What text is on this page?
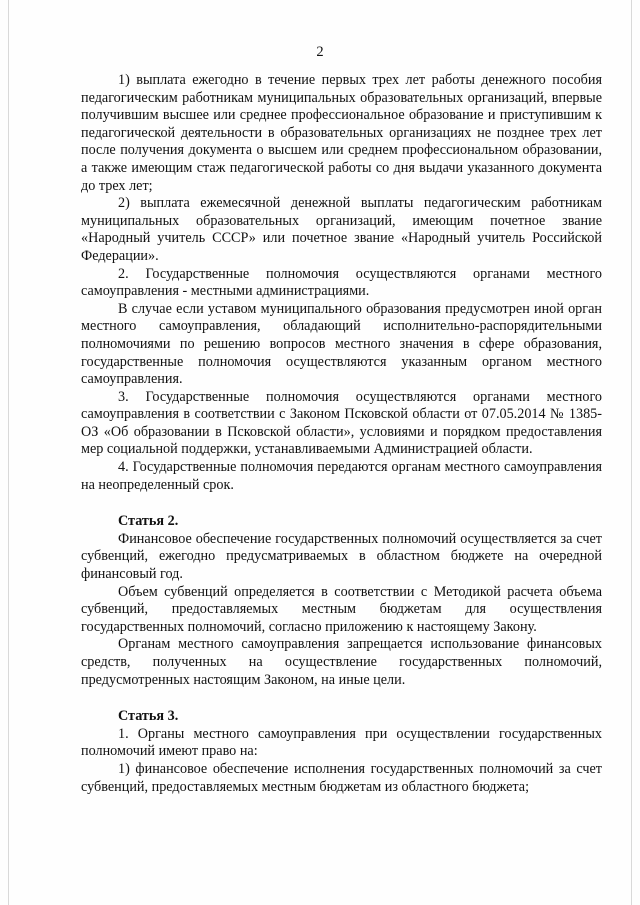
2

1) выплата ежегодно в течение первых трех лет работы денежного пособия педагогическим работникам муниципальных образовательных организаций, впервые получившим высшее или среднее профессиональное образование и приступившим к педагогической деятельности в образовательных организациях не позднее трех лет после получения документа о высшем или среднем профессиональном образовании, а также имеющим стаж педагогической работы со дня выдачи указанного документа до трех лет;

2) выплата ежемесячной денежной выплаты педагогическим работникам муниципальных образовательных организаций, имеющим почетное звание «Народный учитель СССР» или почетное звание «Народный учитель Российской Федерации».

2. Государственные полномочия осуществляются органами местного самоуправления - местными администрациями.

В случае если уставом муниципального образования предусмотрен иной орган местного самоуправления, обладающий исполнительно-распорядительными полномочиями по решению вопросов местного значения в сфере образования, государственные полномочия осуществляются указанным органом местного самоуправления.

3. Государственные полномочия осуществляются органами местного самоуправления в соответствии с Законом Псковской области от 07.05.2014 № 1385-ОЗ «Об образовании в Псковской области», условиями и порядком предоставления мер социальной поддержки, устанавливаемыми Администрацией области.

4. Государственные полномочия передаются органам местного самоуправления на неопределенный срок.

Статья 2.

Финансовое обеспечение государственных полномочий осуществляется за счет субвенций, ежегодно предусматриваемых в областном бюджете на очередной финансовый год.

Объем субвенций определяется в соответствии с Методикой расчета объема субвенций, предоставляемых местным бюджетам для осуществления государственных полномочий, согласно приложению к настоящему Закону.

Органам местного самоуправления запрещается использование финансовых средств, полученных на осуществление государственных полномочий, предусмотренных настоящим Законом, на иные цели.

Статья 3.

1. Органы местного самоуправления при осуществлении государственных полномочий имеют право на:

1) финансовое обеспечение исполнения государственных полномочий за счет субвенций, предоставляемых местным бюджетам из областного бюджета;
